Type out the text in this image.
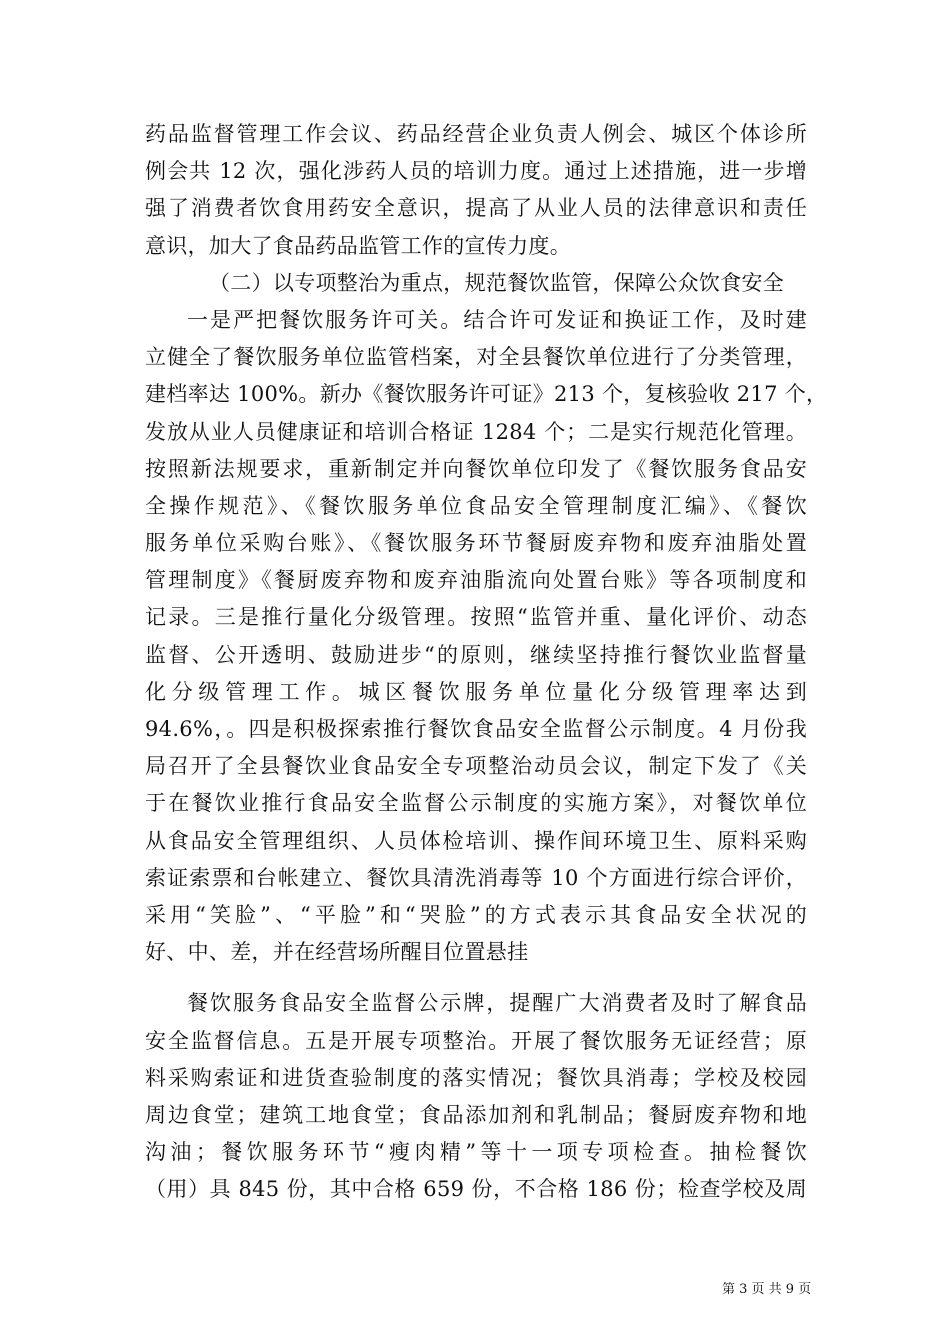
药品监督管理工作会议、药品经营企业负责人例会、城区个体诊所
例会共 12 次，强化涉药人员的培训力度。通过上述措施，进一步增
强了消费者饮食用药安全意识，提高了从业人员的法律意识和责任
意识，加大了食品药品监管工作的宣传力度。
（二）以专项整治为重点，规范餐饮监管，保障公众饮食安全
一是严把餐饮服务许可关。结合许可发证和换证工作，及时建
立健全了餐饮服务单位监管档案，对全县餐饮单位进行了分类管理，
建档率达 100%。新办《餐饮服务许可证》213 个，复核验收 217 个，
发放从业人员健康证和培训合格证 1284 个；二是实行规范化管理。
按照新法规要求，重新制定并向餐饮单位印发了《餐饮服务食品安
全操作规范》、《餐饮服务单位食品安全管理制度汇编》、《餐饮
服务单位采购台账》、《餐饮服务环节餐厨废弃物和废弃油脂处置
管理制度》《餐厨废弃物和废弃油脂流向处置台账》等各项制度和
记录。三是推行量化分级管理。按照“监管并重、量化评价、动态
监督、公开透明、鼓励进步“的原则，继续坚持推行餐饮业监督量
化分级管理工作。城区餐饮服务单位量化分级管理率达到
94.6%，。四是积极探索推行餐饮食品安全监督公示制度。4 月份我
局召开了全县餐饮业食品安全专项整治动员会议，制定下发了《关
于在餐饮业推行食品安全监督公示制度的实施方案》，对餐饮单位
从食品安全管理组织、人员体检培训、操作间环境卫生、原料采购
索证索票和台帐建立、餐饮具清洗消毒等 10 个方面进行综合评价，
采用“笑脸”、“平脸”和“哭脸”的方式表示其食品安全状况的
好、中、差，并在经营场所醒目位置悬挂
餐饮服务食品安全监督公示牌，提醒广大消费者及时了解食品
安全监督信息。五是开展专项整治。开展了餐饮服务无证经营；原
料采购索证和进货查验制度的落实情况；餐饮具消毒；学校及校园
周边食堂；建筑工地食堂；食品添加剂和乳制品；餐厨废弃物和地
沟油；餐饮服务环节“瘦肉精”等十一项专项检查。抽检餐饮
（用）具 845 份，其中合格 659 份，不合格 186 份；检查学校及周
第 3 页 共 9 页
